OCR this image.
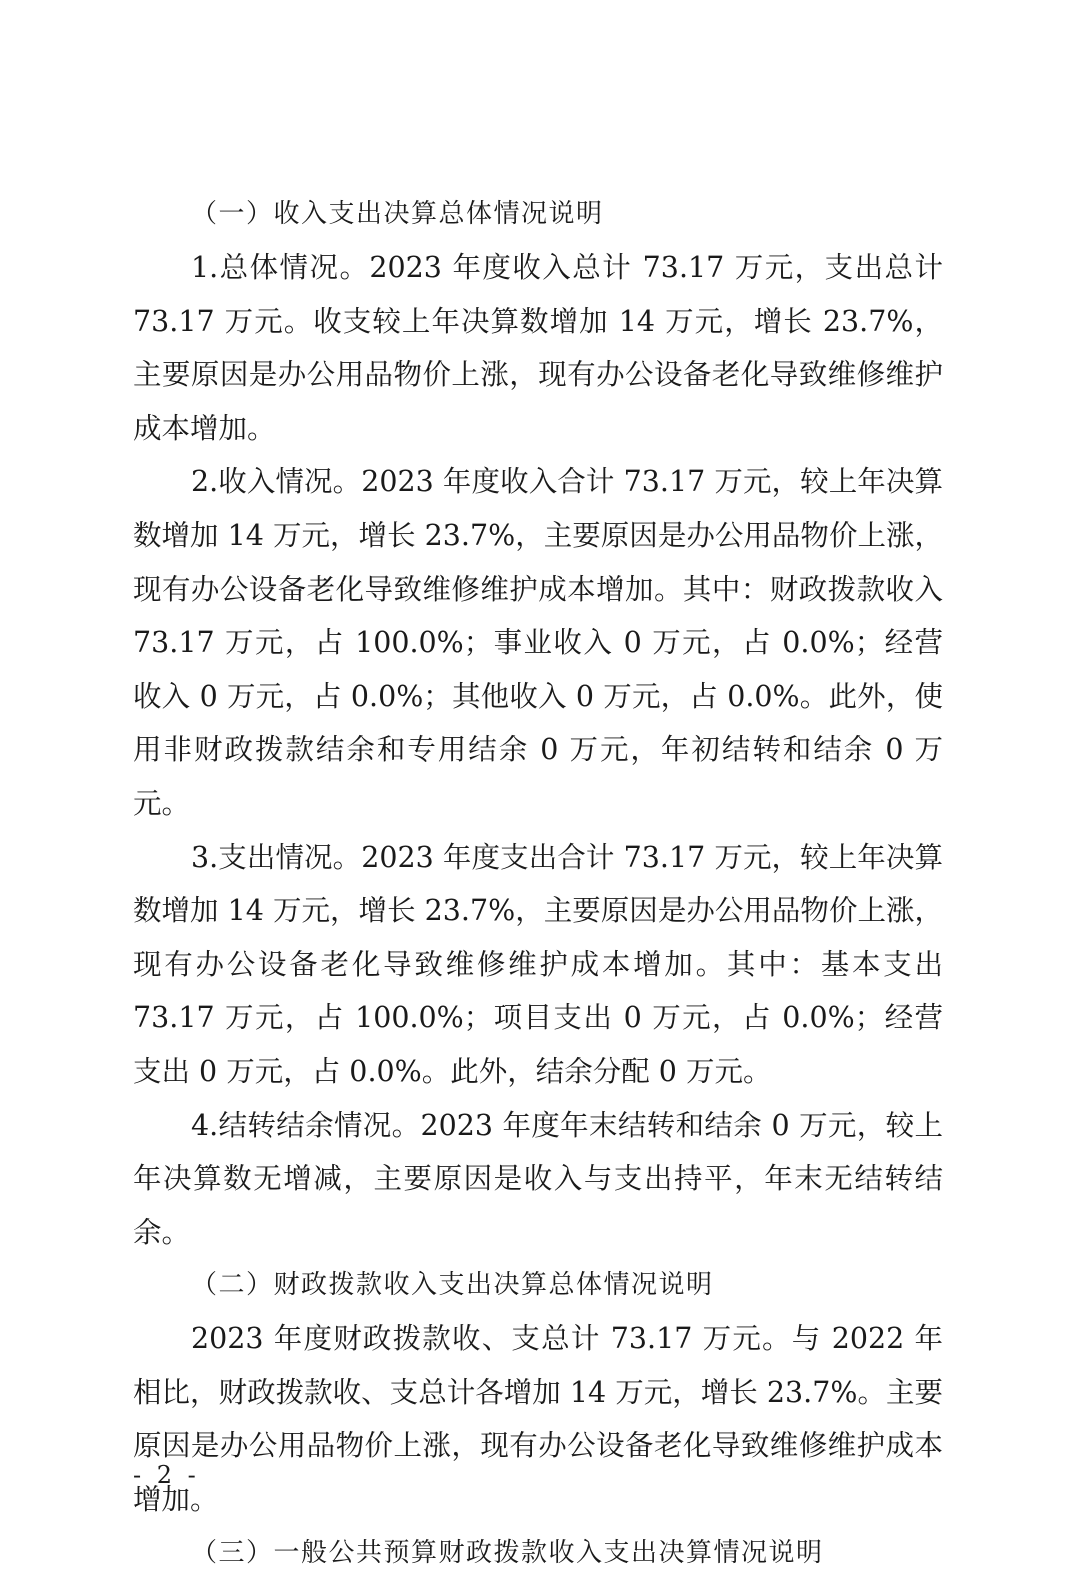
（一）收入支出决算总体情况说明

1.总体情况。2023 年度收入总计 73.17 万元，支出总计 73.17 万元。收支较上年决算数增加 14 万元，增长 23.7%，主要原因是办公用品物价上涨，现有办公设备老化导致维修维护成本增加。

2.收入情况。2023 年度收入合计 73.17 万元，较上年决算数增加 14 万元，增长 23.7%，主要原因是办公用品物价上涨，现有办公设备老化导致维修维护成本增加。其中：财政拨款收入 73.17 万元，占 100.0%；事业收入 0 万元，占 0.0%；经营收入 0 万元，占 0.0%；其他收入 0 万元，占 0.0%。此外，使用非财政拨款结余和专用结余 0 万元，年初结转和结余 0 万元。

3.支出情况。2023 年度支出合计 73.17 万元，较上年决算数增加 14 万元，增长 23.7%，主要原因是办公用品物价上涨，现有办公设备老化导致维修维护成本增加。其中：基本支出 73.17 万元，占 100.0%；项目支出 0 万元，占 0.0%；经营支出 0 万元，占 0.0%。此外，结余分配 0 万元。

4.结转结余情况。2023 年度年末结转和结余 0 万元，较上年决算数无增减，主要原因是收入与支出持平，年末无结转结余。

（二）财政拨款收入支出决算总体情况说明

2023 年度财政拨款收、支总计 73.17 万元。与 2022 年相比，财政拨款收、支总计各增加 14 万元，增长 23.7%。主要原因是办公用品物价上涨，现有办公设备老化导致维修维护成本增加。

（三）一般公共预算财政拨款收入支出决算情况说明

- 2 -
